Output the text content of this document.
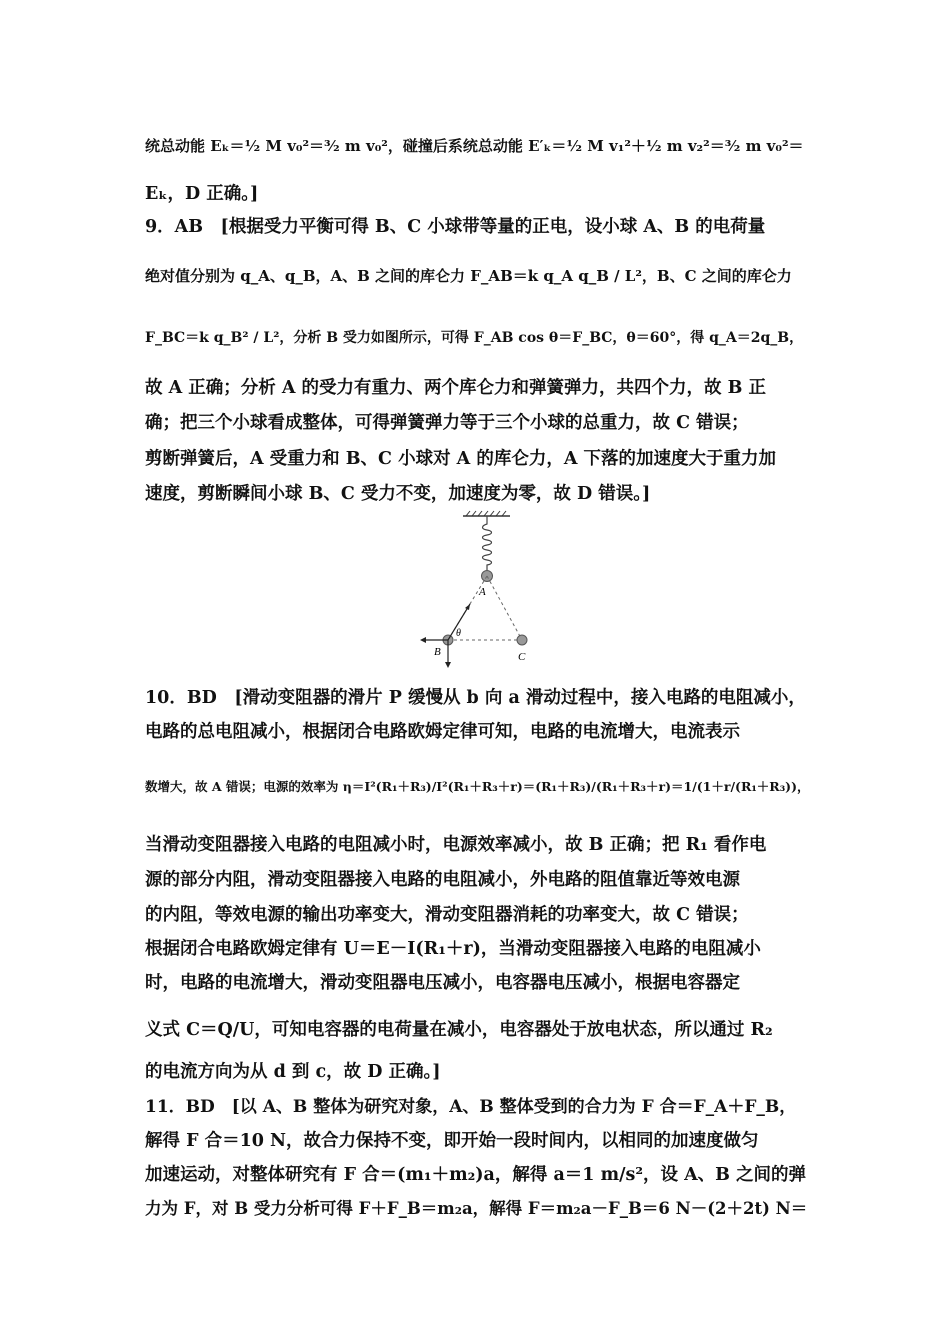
统总动能 Eₖ＝½ M v₀²＝³⁄₂ m v₀²，碰撞后系统总动能 E′ₖ＝½ M v₁²＋½ m v₂²＝³⁄₂ m v₀²＝
Eₖ，D 正确。]
9．AB　[根据受力平衡可得 B、C 小球带等量的正电，设小球 A、B 的电荷量
绝对值分别为 q_A、q_B，A、B 之间的库仑力 F_AB＝k q_A q_B / L²，B、C 之间的库仑力
F_BC＝k q_B² / L²，分析 B 受力如图所示，可得 F_AB cos θ＝F_BC，θ＝60°，得 q_A＝2q_B，
故 A 正确；分析 A 的受力有重力、两个库仑力和弹簧弹力，共四个力，故 B 正
确；把三个小球看成整体，可得弹簧弹力等于三个小球的总重力，故 C 错误；
剪断弹簧后，A 受重力和 B、C 小球对 A 的库仑力，A 下落的加速度大于重力加
速度，剪断瞬间小球 B、C 受力不变，加速度为零，故 D 错误。]
A
B	C
θ
10．BD　[滑动变阻器的滑片 P 缓慢从 b 向 a 滑动过程中，接入电路的电阻减小，
电路的总电阻减小，根据闭合电路欧姆定律可知，电路的电流增大，电流表示
数增大，故 A 错误；电源的效率为 η＝I²(R₁＋R₃)/I²(R₁＋R₃＋r)＝(R₁＋R₃)/(R₁＋R₃＋r)＝1/(1＋r/(R₁＋R₃))，
当滑动变阻器接入电路的电阻减小时，电源效率减小，故 B 正确；把 R₁ 看作电
源的部分内阻，滑动变阻器接入电路的电阻减小，外电路的阻值靠近等效电源
的内阻，等效电源的输出功率变大，滑动变阻器消耗的功率变大，故 C 错误；
根据闭合电路欧姆定律有 U＝E－I(R₁＋r)，当滑动变阻器接入电路的电阻减小
时，电路的电流增大，滑动变阻器电压减小，电容器电压减小，根据电容器定
义式 C＝Q/U，可知电容器的电荷量在减小，电容器处于放电状态，所以通过 R₂
的电流方向为从 d 到 c，故 D 正确。]
11．BD　[以 A、B 整体为研究对象，A、B 整体受到的合力为 F 合＝F_A＋F_B，
解得 F 合＝10 N，故合力保持不变，即开始一段时间内，以相同的加速度做匀
加速运动，对整体研究有 F 合＝(m₁＋m₂)a，解得 a＝1 m/s²，设 A、B 之间的弹
力为 F，对 B 受力分析可得 F＋F_B＝m₂a，解得 F＝m₂a－F_B＝6 N－(2＋2t) N＝
